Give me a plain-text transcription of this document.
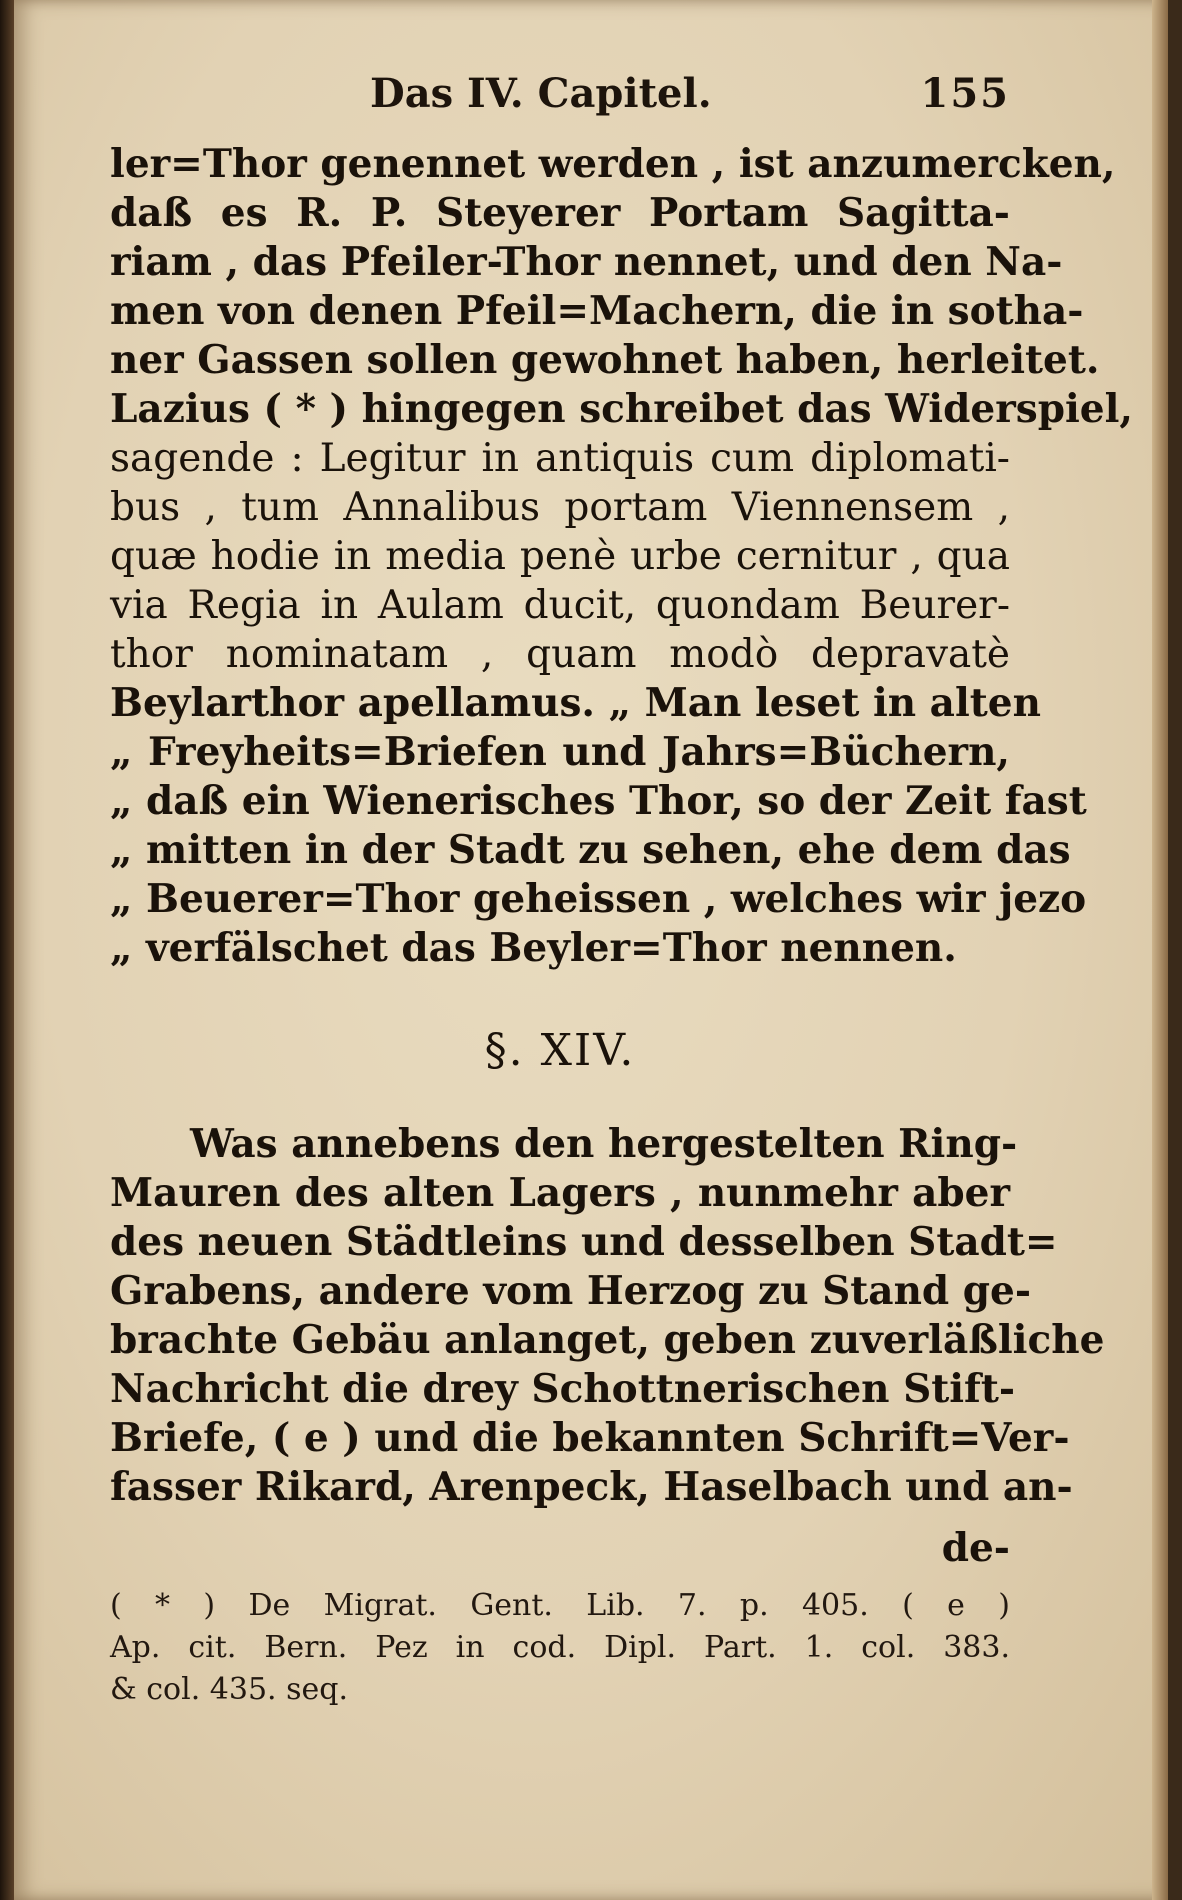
Das IV. Capitel.	155
ler=Thor genennet werden , ist anzumercken,
daß es R. P. Steyerer Portam Sagitta-
riam , das Pfeiler-Thor nennet, und den Na-
men von denen Pfeil=Machern, die in sotha-
ner Gassen sollen gewohnet haben, herleitet.
Lazius ( * ) hingegen schreibet das Widerspiel,
sagende : Legitur in antiquis cum diplomati-
bus , tum Annalibus portam Viennensem ,
quæ hodie in media penè urbe cernitur , qua
via Regia in Aulam ducit, quondam Beurer-
thor nominatam , quam modò depravatè
Beylarthor apellamus. „ Man leset in alten
„ Freyheits=Briefen und Jahrs=Büchern,
„ daß ein Wienerisches Thor, so der Zeit fast
„ mitten in der Stadt zu sehen, ehe dem das
„ Beuerer=Thor geheissen , welches wir jezo
„ verfälschet das Beyler=Thor nennen.
§. XIV.
Was annebens den hergestelten Ring-
Mauren des alten Lagers , nunmehr aber
des neuen Städtleins und desselben Stadt=
Grabens, andere vom Herzog zu Stand ge-
brachte Gebäu anlanget, geben zuverläßliche
Nachricht die drey Schottnerischen Stift-
Briefe, ( e ) und die bekannten Schrift=Ver-
fasser Rikard, Arenpeck, Haselbach und an-
de-
( * ) De Migrat. Gent. Lib. 7. p. 405. ( e )
Ap. cit. Bern. Pez in cod. Dipl. Part. 1. col. 383.
& col. 435. seq.
